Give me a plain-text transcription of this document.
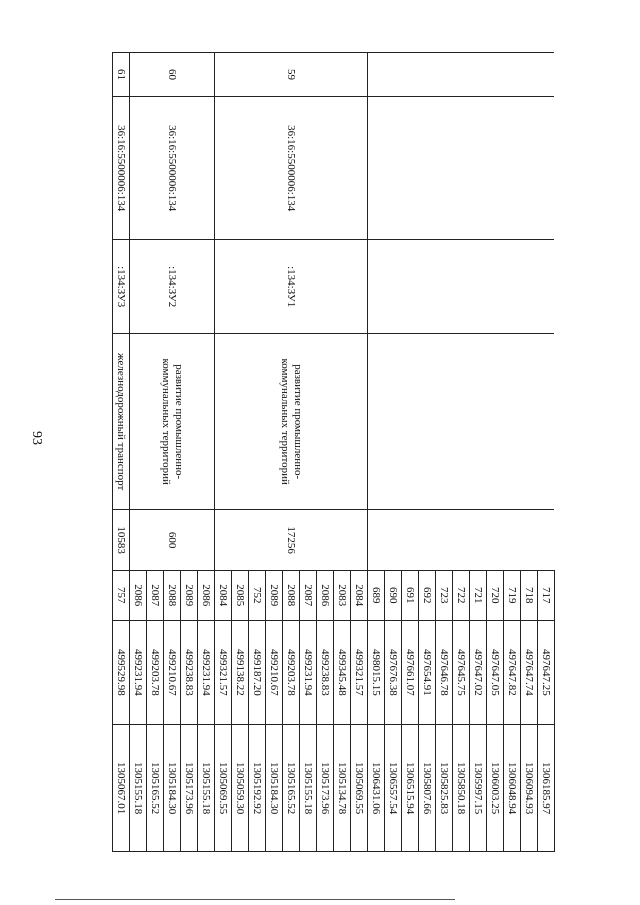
93
					717	497647.25	1306185.97
					718	497647.74	1306094.93
					719	497647.82	1306048.94
					720	497647.05	1306003.25
					721	497647.02	1305997.15
					722	497645.75	1305850.18
					723	497646.78	1305825.83
					692	497654.91	1305807.66
					691	497661.07	1306515.94
					690	497676.38	1306557.54
					689	498015.15	1306431.06
59	36:16:5500006:134	:134:ЗУ1	развитие промышленно-коммунальных территорий	17256	2084	499321.57	1305069.55
					2083	499345.48	1305134.78
					2086	499238.83	1305173.96
					2087	499231.94	1305155.18
					2088	499203.78	1305165.52
					2089	499210.67	1305184.30
					752	499187.20	1305192.92
					2085	499138.22	1305059.30
					2084	499321.57	1305069.55
60	36:16:5500006:134	:134:ЗУ2	развитие промышленно-коммунальных территорий	600	2086	499231.94	1305155.18
					2089	499238.83	1305173.96
					2088	499210.67	1305184.30
					2087	499203.78	1305165.52
					2086	499231.94	1305155.18
61	36:16:5500006:134	:134:ЗУ3	железнодорожный транспорт	10583	757	499529.98	1305067.01
